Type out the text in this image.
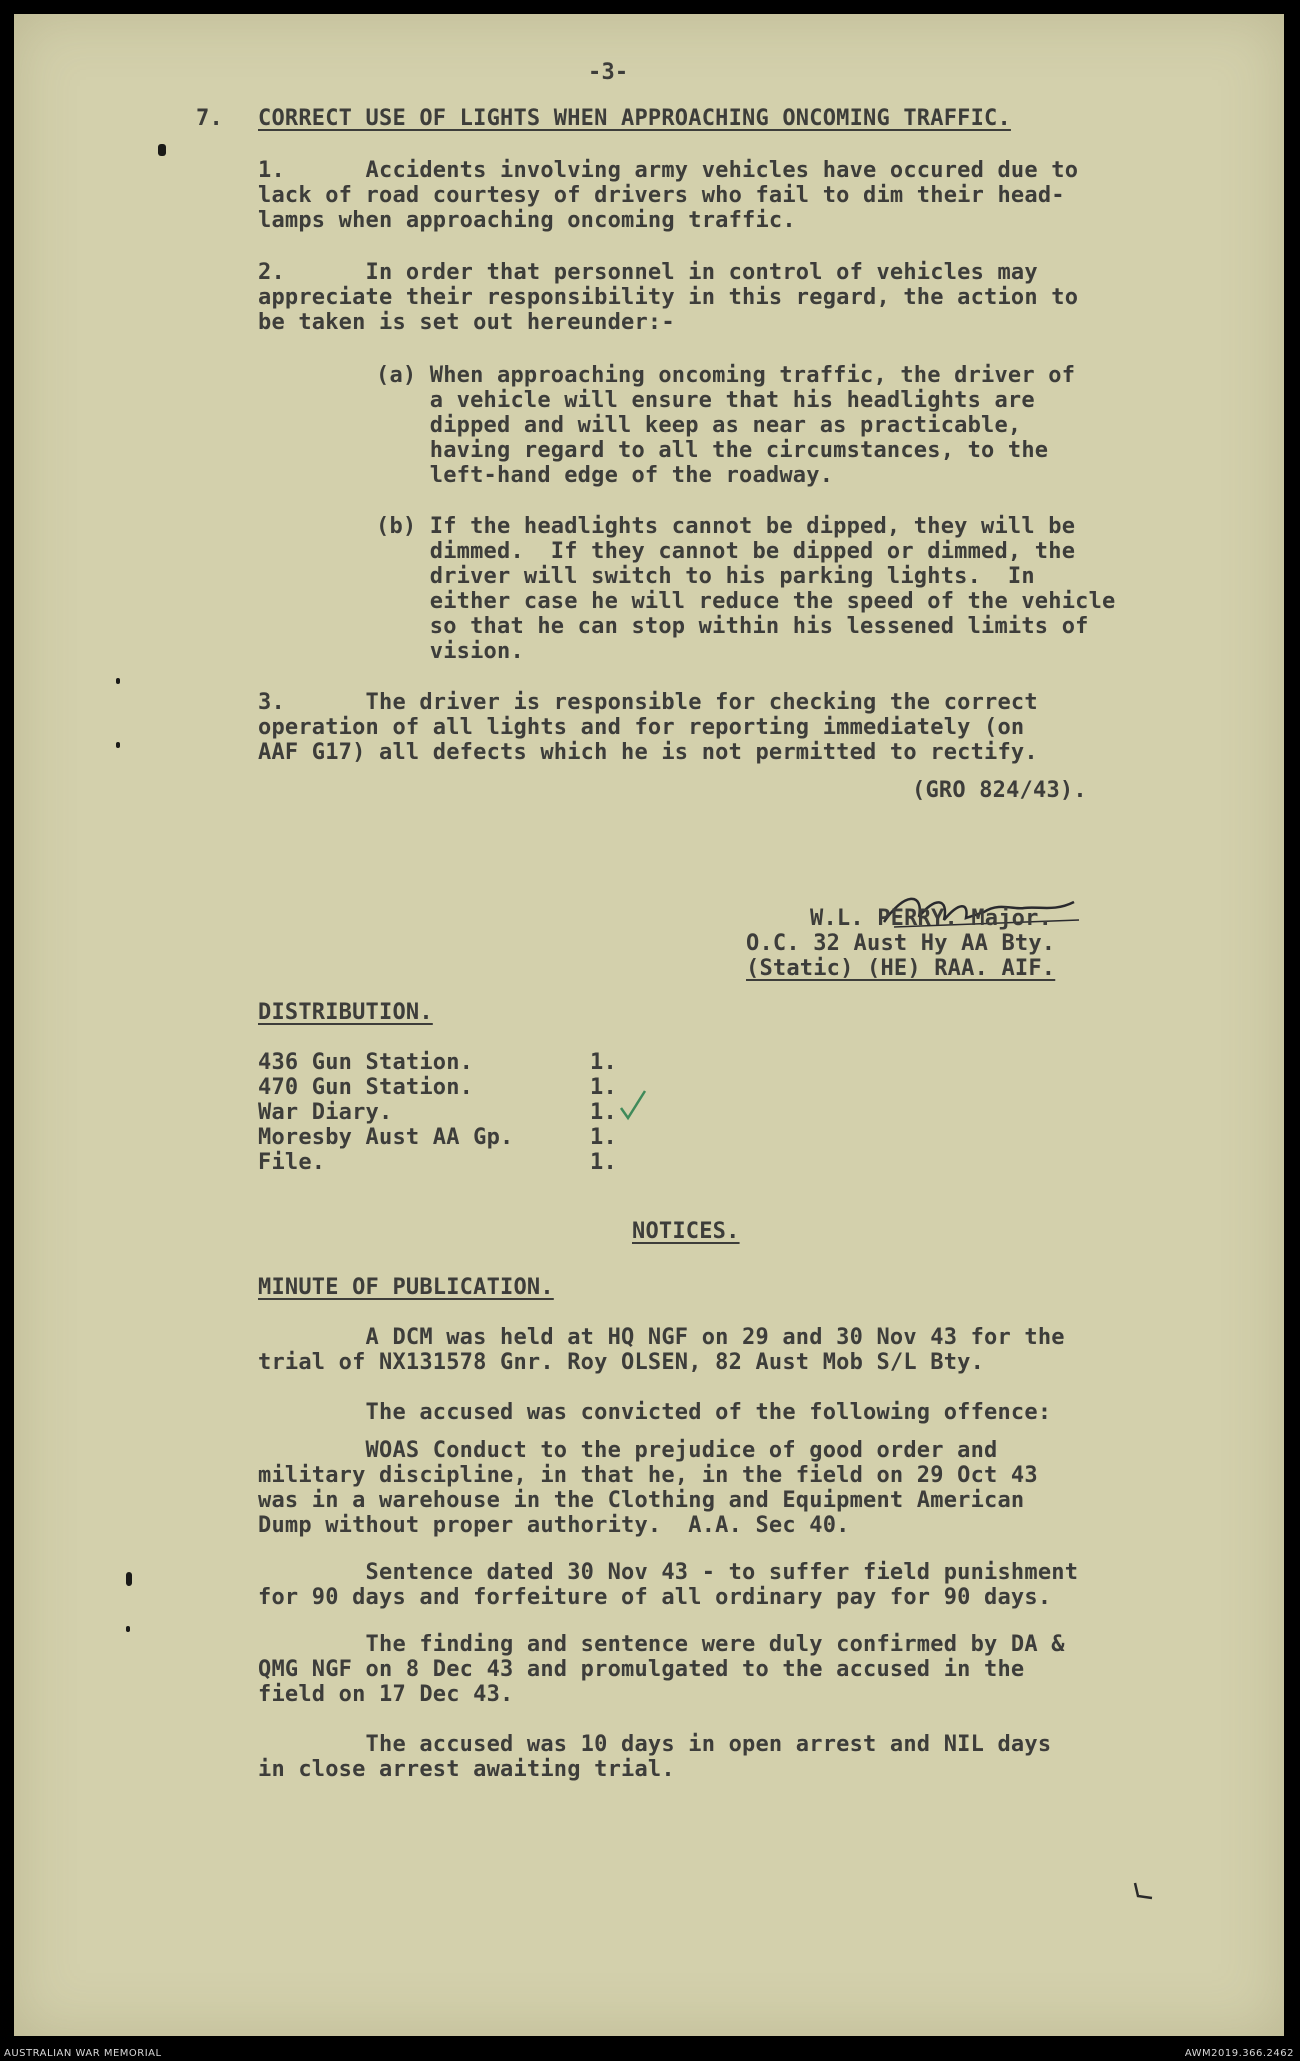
-3-
7. CORRECT USE OF LIGHTS WHEN APPROACHING ONCOMING TRAFFIC.
1.      Accidents involving army vehicles have occured due to
lack of road courtesy of drivers who fail to dim their head-
lamps when approaching oncoming traffic.
2.      In order that personnel in control of vehicles may
appreciate their responsibility in this regard, the action to
be taken is set out hereunder:-
(a) When approaching oncoming traffic, the driver of
a vehicle will ensure that his headlights are
dipped and will keep as near as practicable,
having regard to all the circumstances, to the
left-hand edge of the roadway.
(b) If the headlights cannot be dipped, they will be
dimmed.  If they cannot be dipped or dimmed, the
driver will switch to his parking lights.  In
either case he will reduce the speed of the vehicle
so that he can stop within his lessened limits of
vision.
3.      The driver is responsible for checking the correct
operation of all lights and for reporting immediately (on
AAF G17) all defects which he is not permitted to rectify.
(GRO 824/43).
W.L. PERRY. Major.
O.C. 32 Aust Hy AA Bty.
(Static) (HE) RAA. AIF.
DISTRIBUTION.
436 Gun Station.	1.
470 Gun Station.	1.
War Diary.	1.
Moresby Aust AA Gp.	1.
File.	1.
NOTICES.
MINUTE OF PUBLICATION.
A DCM was held at HQ NGF on 29 and 30 Nov 43 for the
trial of NX131578 Gnr. Roy OLSEN, 82 Aust Mob S/L Bty.
The accused was convicted of the following offence:
WOAS Conduct to the prejudice of good order and
military discipline, in that he, in the field on 29 Oct 43
was in a warehouse in the Clothing and Equipment American
Dump without proper authority.  A.A. Sec 40.
Sentence dated 30 Nov 43 - to suffer field punishment
for 90 days and forfeiture of all ordinary pay for 90 days.
The finding and sentence were duly confirmed by DA &
QMG NGF on 8 Dec 43 and promulgated to the accused in the
field on 17 Dec 43.
The accused was 10 days in open arrest and NIL days
in close arrest awaiting trial.
AUSTRALIAN WAR MEMORIAL	AWM2019.366.2462
